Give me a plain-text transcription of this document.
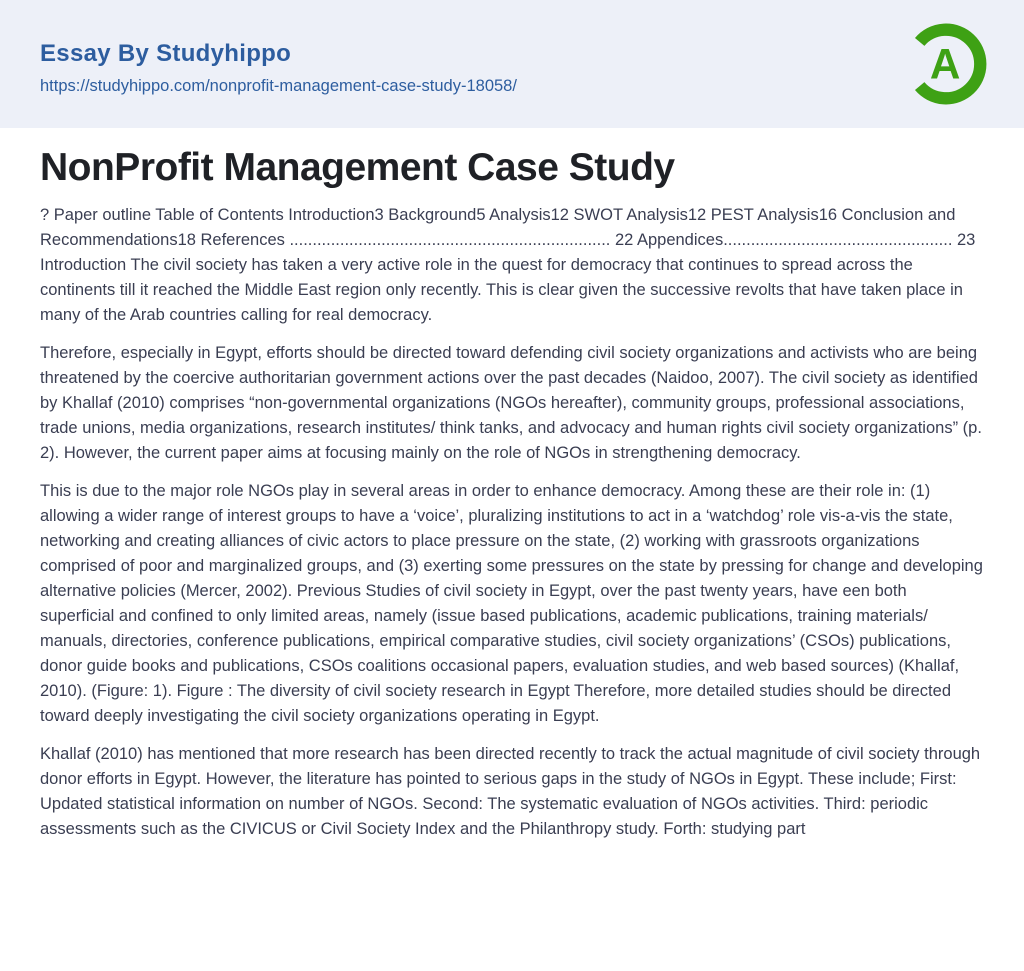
Essay By Studyhippo
https://studyhippo.com/nonprofit-management-case-study-18058/	A
NonProfit Management Case Study

? Paper outline Table of Contents Introduction3 Background5 Analysis12 SWOT Analysis12 PEST Analysis16 Conclusion and Recommendations18 References ...................................................................... 22 Appendices.................................................. 23 Introduction The civil society has taken a very active role in the quest for democracy that continues to spread across the continents till it reached the Middle East region only recently. This is clear given the successive revolts that have taken place in many of the Arab countries calling for real democracy.

Therefore, especially in Egypt, efforts should be directed toward defending civil society organizations and activists who are being threatened by the coercive authoritarian government actions over the past decades (Naidoo, 2007). The civil society as identified by Khallaf (2010) comprises “non-governmental organizations (NGOs hereafter), community groups, professional associations, trade unions, media organizations, research institutes/ think tanks, and advocacy and human rights civil society organizations” (p. 2). However, the current paper aims at focusing mainly on the role of NGOs in strengthening democracy.

This is due to the major role NGOs play in several areas in order to enhance democracy. Among these are their role in: (1) allowing a wider range of interest groups to have a ‘voice’, pluralizing institutions to act in a ‘watchdog’ role vis-a-vis the state, networking and creating alliances of civic actors to place pressure on the state, (2) working with grassroots organizations comprised of poor and marginalized groups, and (3) exerting some pressures on the state by pressing for change and developing alternative policies (Mercer, 2002). Previous Studies of civil society in Egypt, over the past twenty years, have een both superficial and confined to only limited areas, namely (issue based publications, academic publications, training materials/ manuals, directories, conference publications, empirical comparative studies, civil society organizations’ (CSOs) publications, donor guide books and publications, CSOs coalitions occasional papers, evaluation studies, and web based sources) (Khallaf, 2010). (Figure: 1). Figure : The diversity of civil society research in Egypt Therefore, more detailed studies should be directed toward deeply investigating the civil society organizations operating in Egypt.

Khallaf (2010) has mentioned that more research has been directed recently to track the actual magnitude of civil society through donor efforts in Egypt. However, the literature has pointed to serious gaps in the study of NGOs in Egypt. These include; First: Updated statistical information on number of NGOs. Second: The systematic evaluation of NGOs activities. Third: periodic assessments such as the CIVICUS or Civil Society Index and the Philanthropy study. Forth: studying part
